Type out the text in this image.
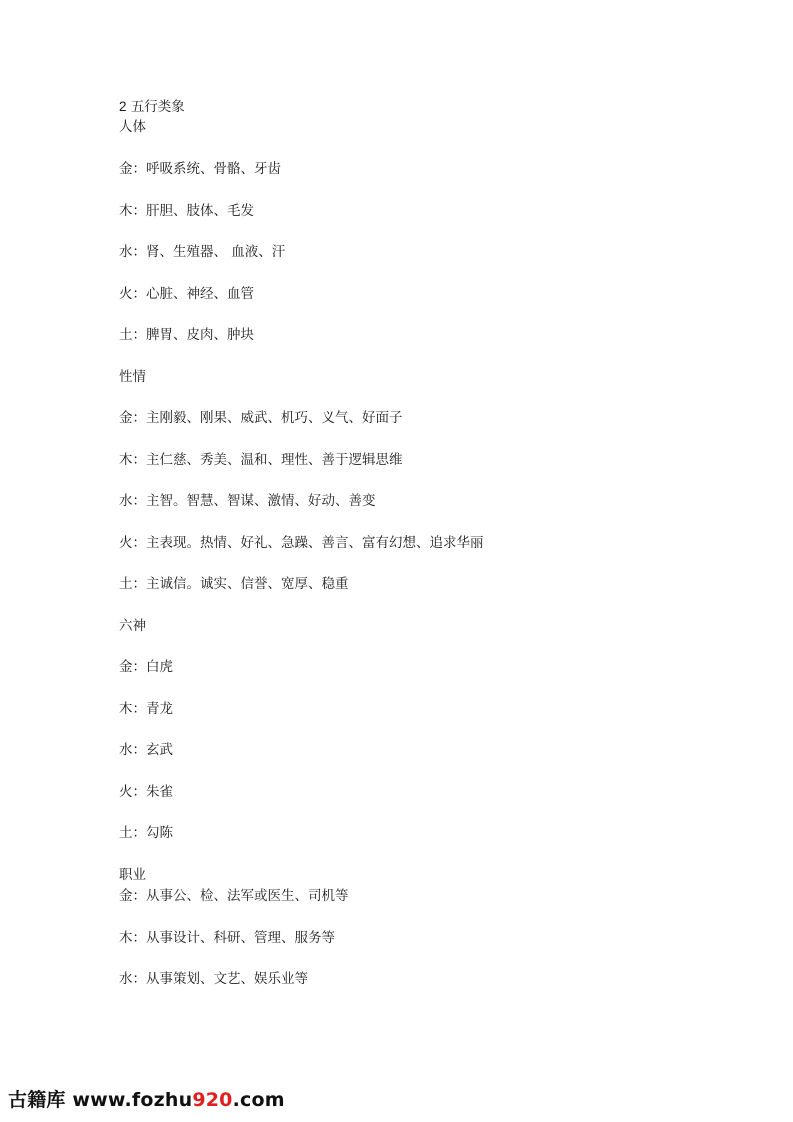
2 五行类象
人体
金：呼吸系统、骨骼、牙齿
木：肝胆、肢体、毛发
水：肾、生殖器、 血液、汗
火：心脏、神经、血管
土：脾胃、皮肉、肿块
性情
金：主刚毅、刚果、威武、机巧、义气、好面子
木：主仁慈、秀美、温和、理性、善于逻辑思维
水：主智。智慧、智谋、激情、好动、善变
火：主表现。热情、好礼、急躁、善言、富有幻想、追求华丽
土：主诚信。诚实、信誉、宽厚、稳重
六神
金：白虎
木：青龙
水：玄武
火：朱雀
土：勾陈
职业
金：从事公、检、法军或医生、司机等
木：从事设计、科研、管理、服务等
水：从事策划、文艺、娱乐业等
古籍库 www.fozhu920.com
